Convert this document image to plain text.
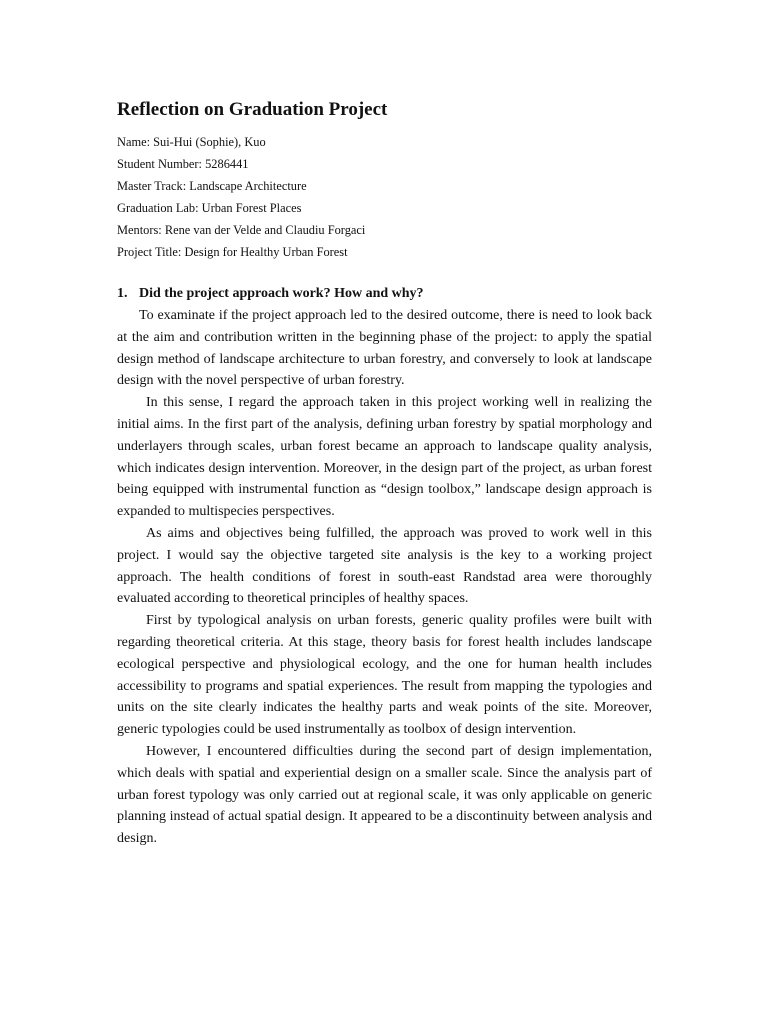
Reflection on Graduation Project
Name: Sui-Hui (Sophie), Kuo
Student Number: 5286441
Master Track: Landscape Architecture
Graduation Lab: Urban Forest Places
Mentors: Rene van der Velde and Claudiu Forgaci
Project Title: Design for Healthy Urban Forest
1. Did the project approach work? How and why?

To examinate if the project approach led to the desired outcome, there is need to look back at the aim and contribution written in the beginning phase of the project: to apply the spatial design method of landscape architecture to urban forestry, and conversely to look at landscape design with the novel perspective of urban forestry.

In this sense, I regard the approach taken in this project working well in realizing the initial aims. In the first part of the analysis, defining urban forestry by spatial morphology and underlayers through scales, urban forest became an approach to landscape quality analysis, which indicates design intervention. Moreover, in the design part of the project, as urban forest being equipped with instrumental function as “design toolbox,” landscape design approach is expanded to multispecies perspectives.

As aims and objectives being fulfilled, the approach was proved to work well in this project. I would say the objective targeted site analysis is the key to a working project approach. The health conditions of forest in south-east Randstad area were thoroughly evaluated according to theoretical principles of healthy spaces.

First by typological analysis on urban forests, generic quality profiles were built with regarding theoretical criteria. At this stage, theory basis for forest health includes landscape ecological perspective and physiological ecology, and the one for human health includes accessibility to programs and spatial experiences. The result from mapping the typologies and units on the site clearly indicates the healthy parts and weak points of the site. Moreover, generic typologies could be used instrumentally as toolbox of design intervention.

However, I encountered difficulties during the second part of design implementation, which deals with spatial and experiential design on a smaller scale. Since the analysis part of urban forest typology was only carried out at regional scale, it was only applicable on generic planning instead of actual spatial design. It appeared to be a discontinuity between analysis and design.
